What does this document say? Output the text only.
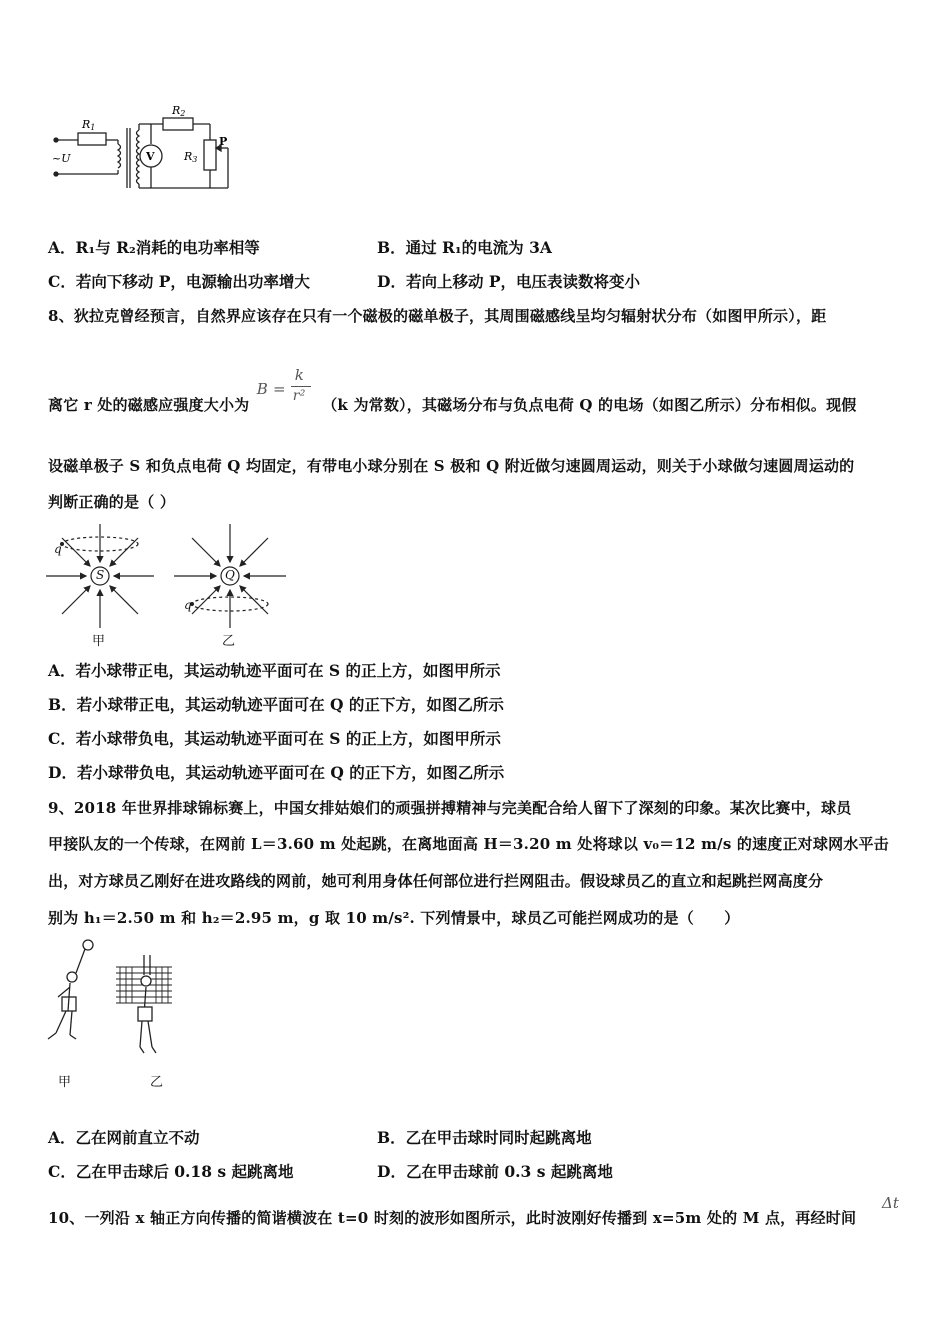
R1
R2
R3
V
P
~U
A．R₁与 R₂消耗的电功率相等	B．通过 R₁的电流为 3A
C．若向下移动 P，电源输出功率增大	D．若向上移动 P，电压表读数将变小
8、狄拉克曾经预言，自然界应该存在只有一个磁极的磁单极子，其周围磁感线呈均匀辐射状分布（如图甲所示），距
离它 r 处的磁感应强度大小为
B =
k
r² （k 为常数），其磁场分布与负点电荷 Q 的电场（如图乙所示）分布相似。现假
设磁单极子 S 和负点电荷 Q 均固定，有带电小球分别在 S 极和 Q 附近做匀速圆周运动，则关于小球做匀速圆周运动的
判断正确的是（ ）
S	Q
q
q
甲	乙
A．若小球带正电，其运动轨迹平面可在 S 的正上方，如图甲所示
B．若小球带正电，其运动轨迹平面可在 Q 的正下方，如图乙所示
C．若小球带负电，其运动轨迹平面可在 S 的正上方，如图甲所示
D．若小球带负电，其运动轨迹平面可在 Q 的正下方，如图乙所示
9、2018 年世界排球锦标赛上，中国女排姑娘们的顽强拼搏精神与完美配合给人留下了深刻的印象。某次比赛中，球员
甲接队友的一个传球，在网前 L＝3.60 m 处起跳，在离地面高 H＝3.20 m 处将球以 v₀＝12 m/s 的速度正对球网水平击
出，对方球员乙刚好在进攻路线的网前，她可利用身体任何部位进行拦网阻击。假设球员乙的直立和起跳拦网高度分
别为 h₁＝2.50 m 和 h₂＝2.95 m，g 取 10 m/s². 下列情景中，球员乙可能拦网成功的是（　　）
甲	乙
A．乙在网前直立不动	B．乙在甲击球时同时起跳离地
C．乙在甲击球后 0.18 s 起跳离地	D．乙在甲击球前 0.3 s 起跳离地
10、一列沿 x 轴正方向传播的简谐横波在 t=0 时刻的波形如图所示，此时波刚好传播到 x=5m 处的 M 点，再经时间
Δt
